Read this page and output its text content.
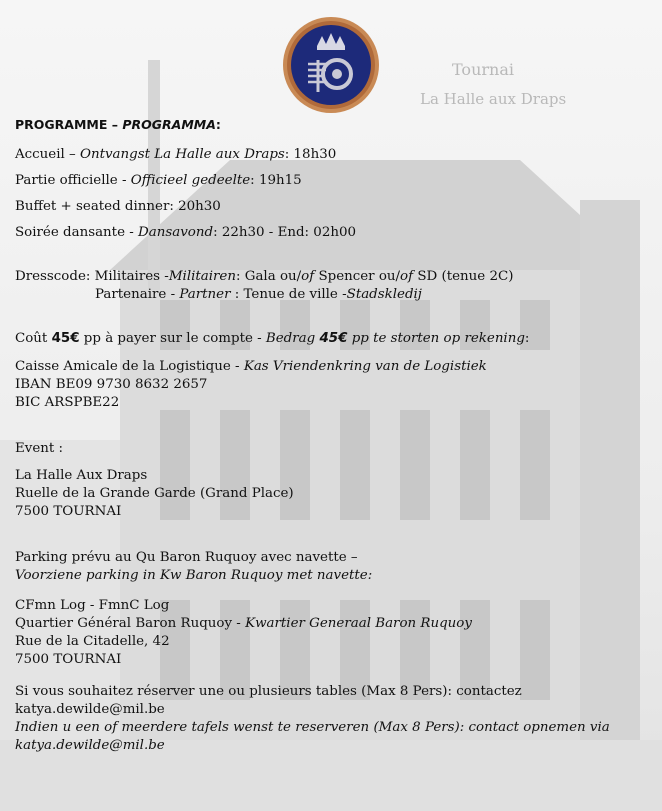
Tournai
La Halle aux Draps
PROGRAMME – PROGRAMMA:
Accueil – Ontvangst La Halle aux Draps: 18h30
Partie officielle - Officieel gedeelte: 19h15
Buffet + seated dinner: 20h30
Soirée dansante - Dansavond: 22h30 - End: 02h00
Dresscode: Militaires -Militairen: Gala ou/of Spencer ou/of SD (tenue 2C)
Partenaire - Partner : Tenue de ville -Stadskledij
Coût 45€ pp à payer sur le compte - Bedrag 45€ pp te storten op rekening:
Caisse Amicale de la Logistique - Kas Vriendenkring van de Logistiek
IBAN BE09 9730 8632 2657
BIC ARSPBE22
Event :
La Halle Aux Draps
Ruelle de la Grande Garde (Grand Place)
7500 TOURNAI
Parking prévu au Qu Baron Ruquoy avec navette –
Voorziene parking in Kw Baron Ruquoy met navette:
CFmn Log - FmnC Log
Quartier Général Baron Ruquoy - Kwartier Generaal Baron Ruquoy
Rue de la Citadelle, 42
7500 TOURNAI
Si vous souhaitez réserver une ou plusieurs tables (Max 8 Pers): contactez
katya.dewilde@mil.be
Indien u een of meerdere tafels wenst te reserveren (Max 8 Pers): contact opnemen via
katya.dewilde@mil.be
